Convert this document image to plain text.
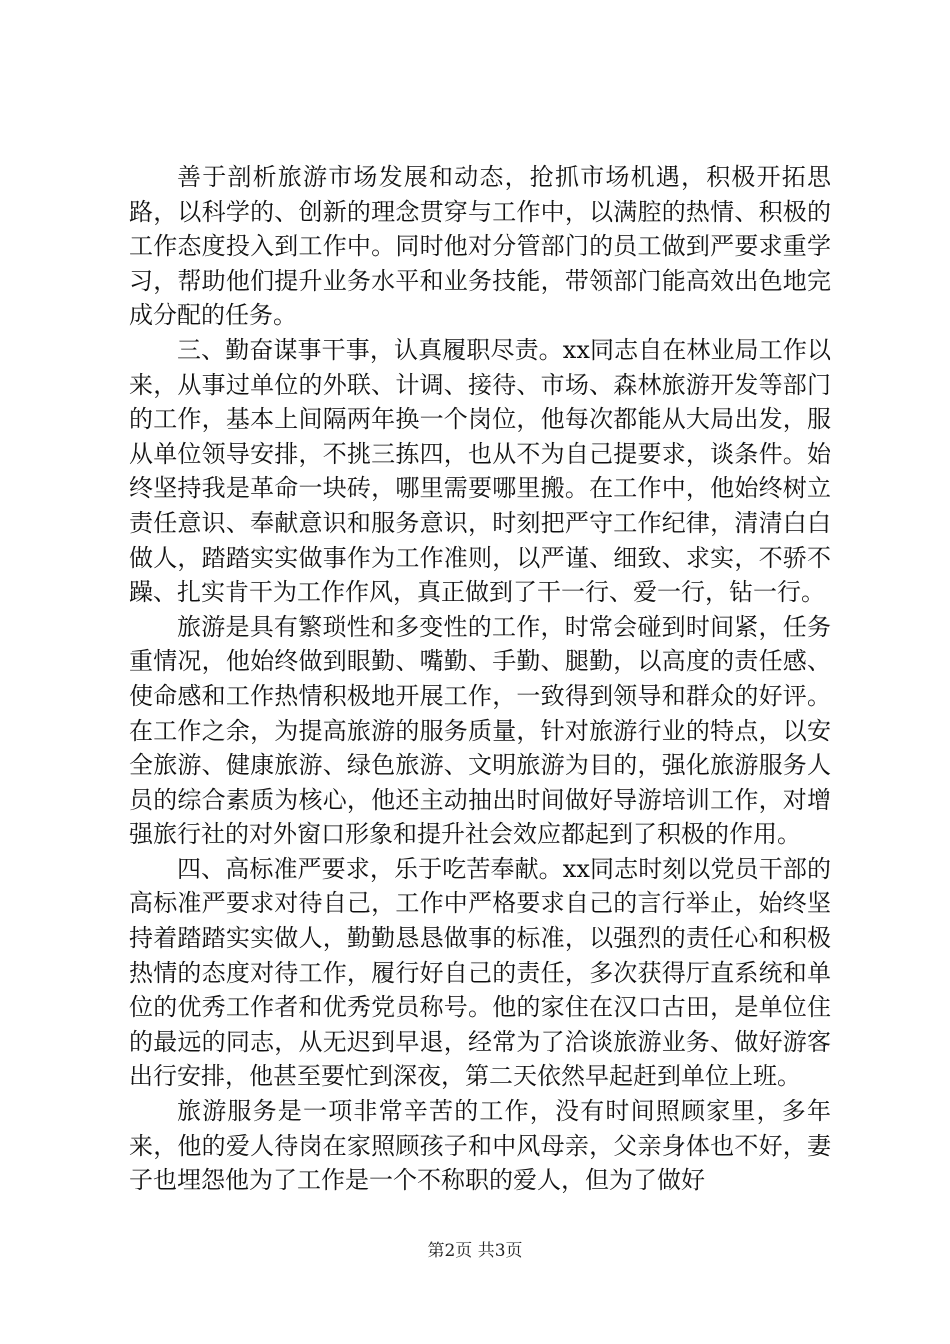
善于剖析旅游市场发展和动态，抢抓市场机遇，积极开拓思路，以科学的、创新的理念贯穿与工作中，以满腔的热情、积极的工作态度投入到工作中。同时他对分管部门的员工做到严要求重学习，帮助他们提升业务水平和业务技能，带领部门能高效出色地完成分配的任务。

三、勤奋谋事干事，认真履职尽责。xx同志自在林业局工作以来，从事过单位的外联、计调、接待、市场、森林旅游开发等部门的工作，基本上间隔两年换一个岗位，他每次都能从大局出发，服从单位领导安排，不挑三拣四，也从不为自己提要求，谈条件。始终坚持我是革命一块砖，哪里需要哪里搬。在工作中，他始终树立责任意识、奉献意识和服务意识，时刻把严守工作纪律，清清白白做人，踏踏实实做事作为工作准则，以严谨、细致、求实，不骄不躁、扎实肯干为工作作风，真正做到了干一行、爱一行，钻一行。

旅游是具有繁琐性和多变性的工作，时常会碰到时间紧，任务重情况，他始终做到眼勤、嘴勤、手勤、腿勤，以高度的责任感、使命感和工作热情积极地开展工作，一致得到领导和群众的好评。在工作之余，为提高旅游的服务质量，针对旅游行业的特点，以安全旅游、健康旅游、绿色旅游、文明旅游为目的，强化旅游服务人员的综合素质为核心，他还主动抽出时间做好导游培训工作，对增强旅行社的对外窗口形象和提升社会效应都起到了积极的作用。

四、高标准严要求，乐于吃苦奉献。xx同志时刻以党员干部的高标准严要求对待自己，工作中严格要求自己的言行举止，始终坚持着踏踏实实做人，勤勤恳恳做事的标准，以强烈的责任心和积极热情的态度对待工作，履行好自己的责任，多次获得厅直系统和单位的优秀工作者和优秀党员称号。他的家住在汉口古田，是单位住的最远的同志，从无迟到早退，经常为了洽谈旅游业务、做好游客出行安排，他甚至要忙到深夜，第二天依然早起赶到单位上班。

旅游服务是一项非常辛苦的工作，没有时间照顾家里，多年来，他的爱人待岗在家照顾孩子和中风母亲，父亲身体也不好，妻子也埋怨他为了工作是一个不称职的爱人，但为了做好

第2页 共3页
